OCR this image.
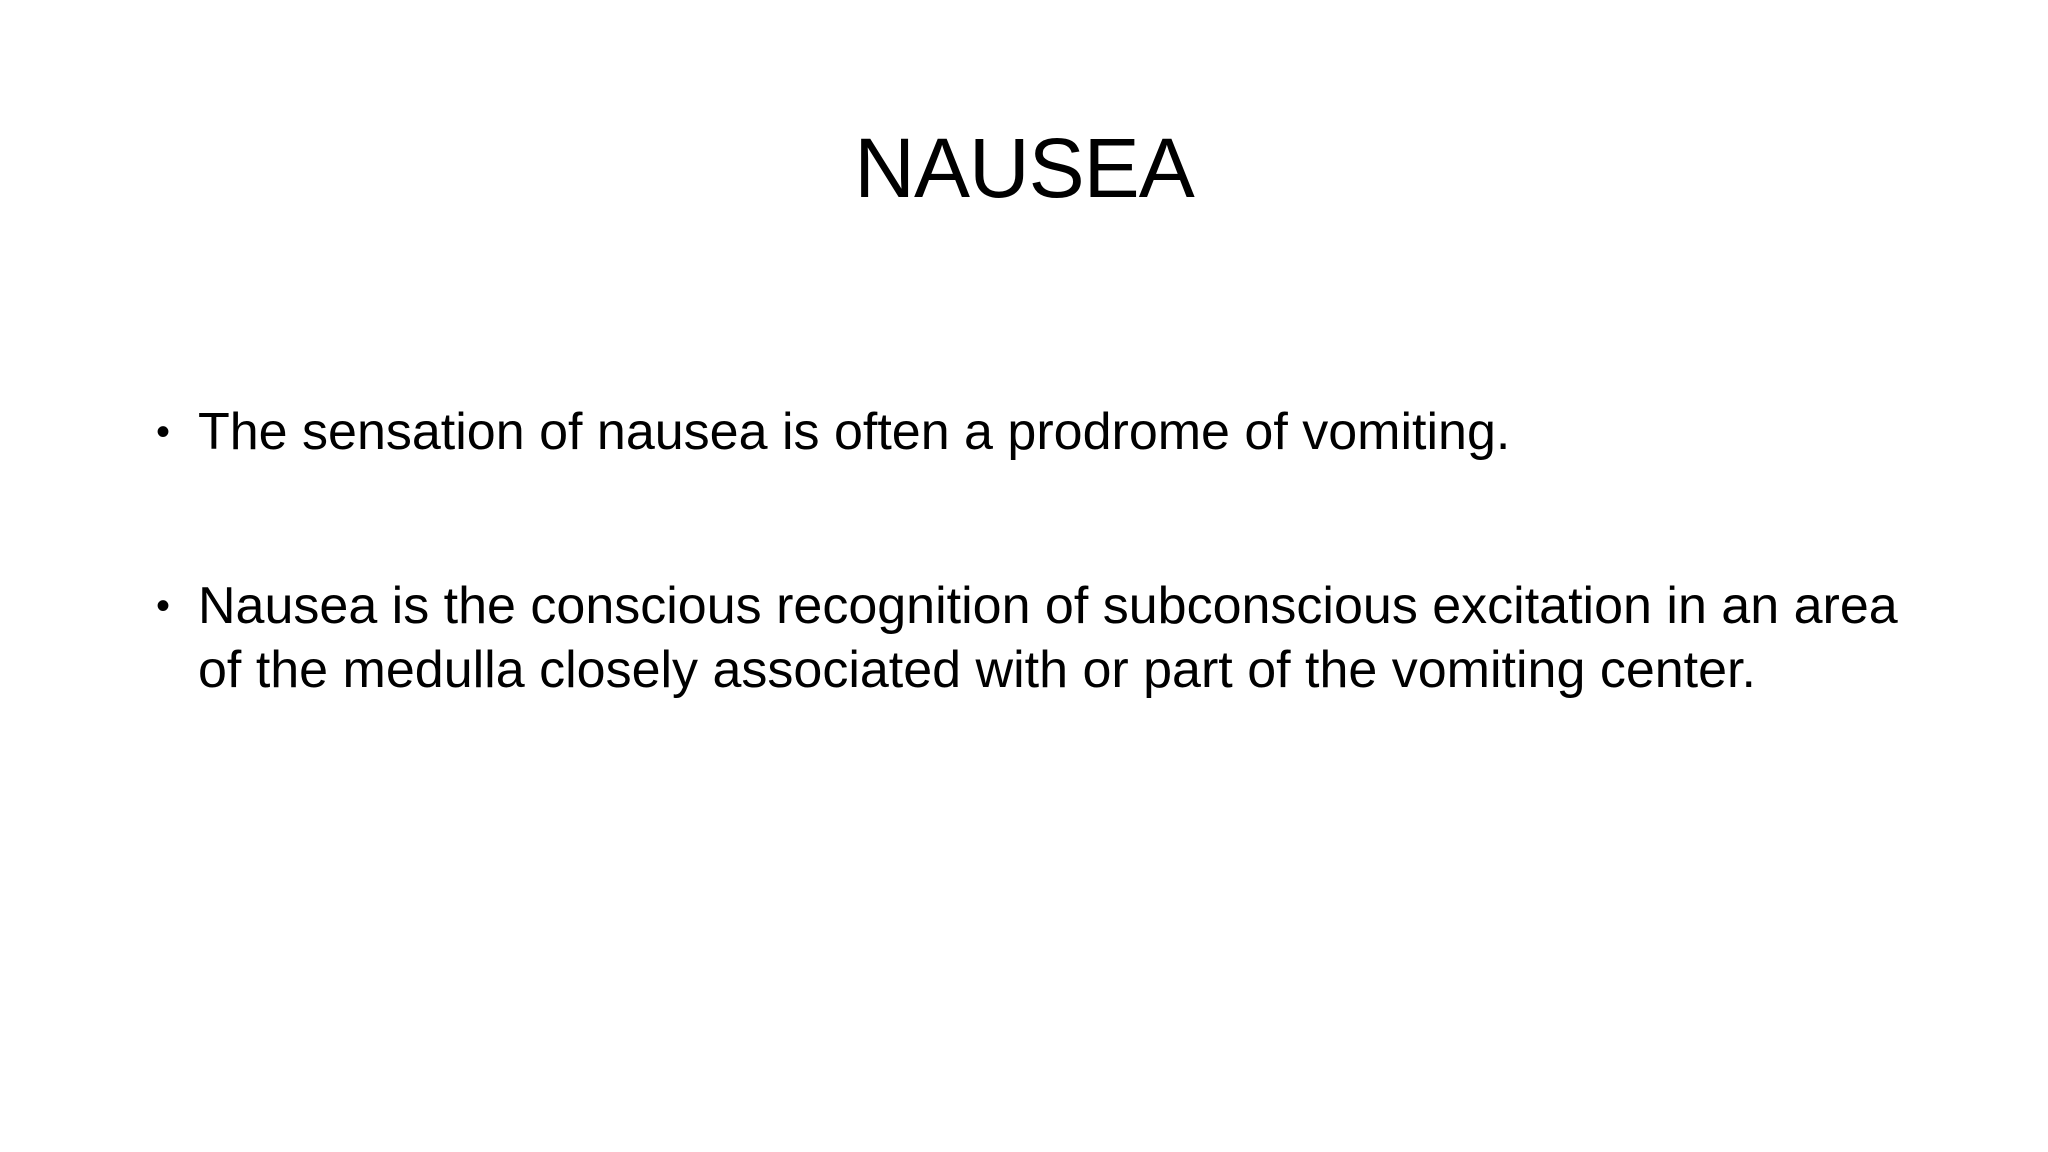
NAUSEA
• The sensation of nausea is often a prodrome of vomiting.
• Nausea is the conscious recognition of subconscious excitation in an area of the medulla closely associated with or part of the vomiting center.
